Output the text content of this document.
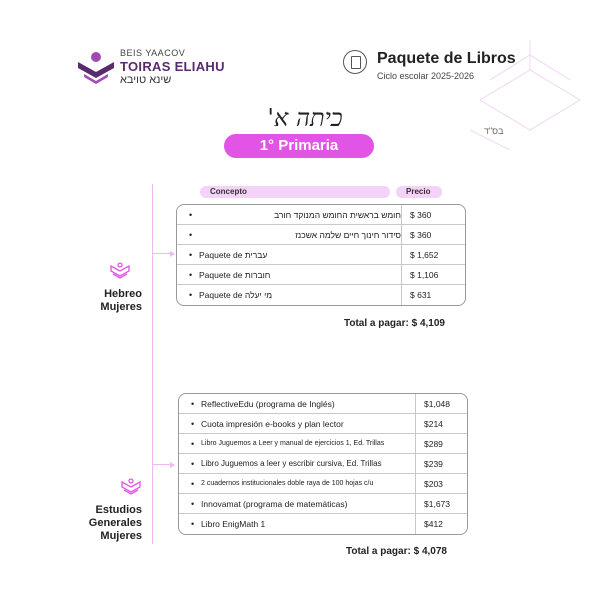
BEIS YAACOV
TOIRAS ELIAHU
שינא טויבא
Paquete de Libros
Ciclo escolar 2025-2026
בס"ד
כיתה א'
1° Primaria
Hebreo
Mujeres
Concepto	Precio
• חומש בראשית החומש המנוקד חורב	$ 360
• סידור חינוך חיים שלמה אשכנז	$ 360
• Paquete de עברית	$ 1,652
• Paquete de חוברות	$ 1,106
• Paquete de מי יעלה	$ 631
Total a pagar: $ 4,109
Estudios
Generales
Mujeres
• ReflectiveEdu (programa de Inglés)	$1,048
• Cuota impresión e-books y plan lector	$214
• Libro Juguemos a Leer y manual de ejercicios 1, Ed. Trillas	$289
• Libro Juguemos a leer y escribir cursiva, Ed. Trillas	$239
• 2 cuadernos institucionales doble raya de 100 hojas c/u	$203
• Innovamat (programa de matemáticas)	$1,673
• Libro EnigMath 1	$412
Total a pagar: $ 4,078
